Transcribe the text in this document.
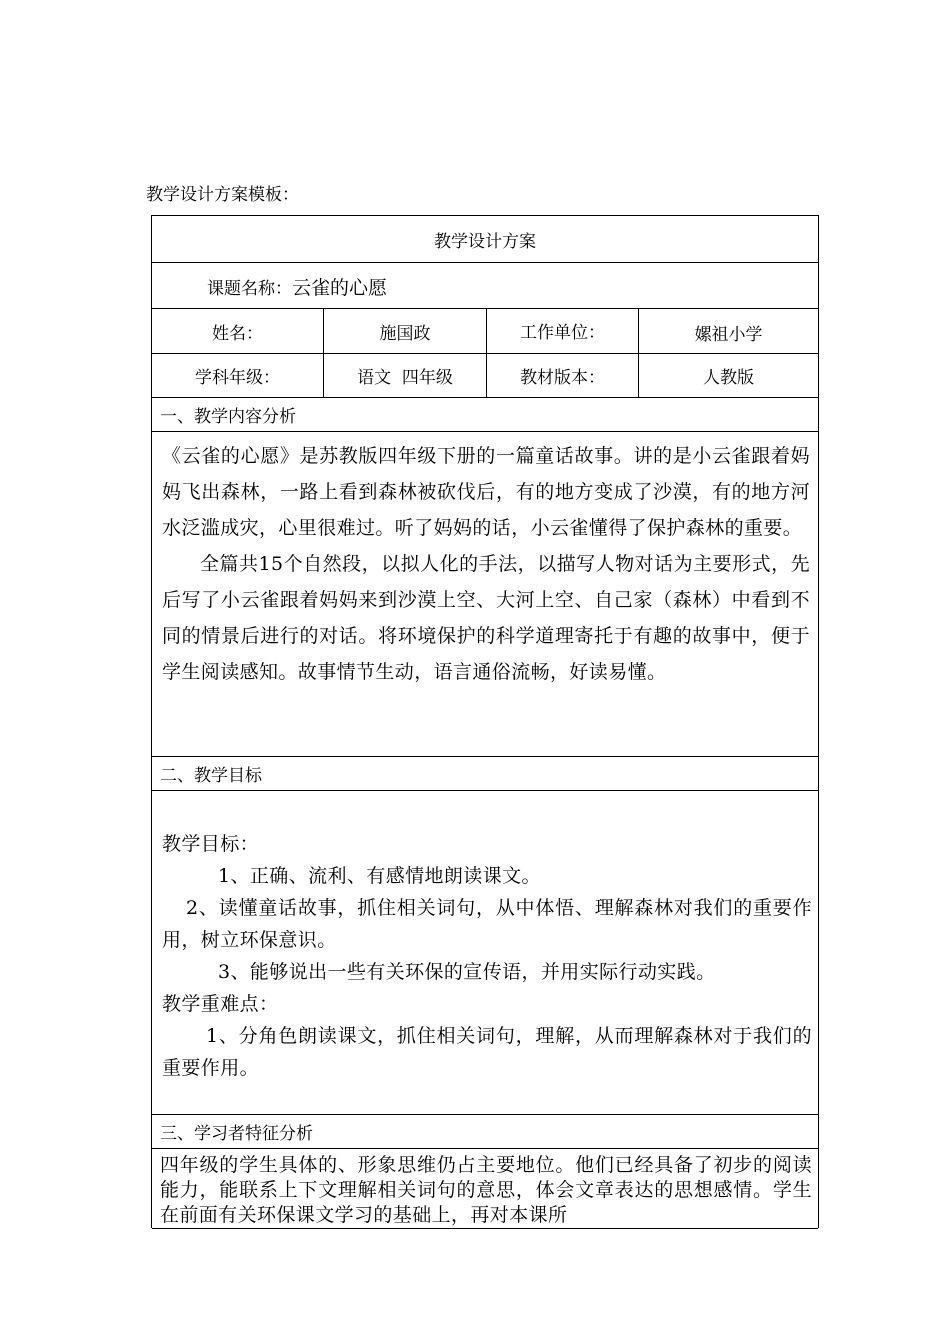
教学设计方案模板：
教学设计方案
课题名称：云雀的心愿
姓名：	施国政	工作单位：	嫘祖小学
学科年级：	语文  四年级	教材版本：	人教版
一、教学内容分析

《云雀的心愿》是苏教版四年级下册的一篇童话故事。讲的是小云雀跟着妈妈飞出森林，一路上看到森林被砍伐后，有的地方变成了沙漠，有的地方河水泛滥成灾，心里很难过。听了妈妈的话，小云雀懂得了保护森林的重要。

全篇共15个自然段，以拟人化的手法，以描写人物对话为主要形式，先后写了小云雀跟着妈妈来到沙漠上空、大河上空、自己家（森林）中看到不同的情景后进行的对话。将环境保护的科学道理寄托于有趣的故事中，便于学生阅读感知。故事情节生动，语言通俗流畅，好读易懂。

二、教学目标

教学目标：

1、正确、流利、有感情地朗读课文。

2、读懂童话故事，抓住相关词句，从中体悟、理解森林对我们的重要作用，树立环保意识。

3、能够说出一些有关环保的宣传语，并用实际行动实践。

教学重难点：

1、分角色朗读课文，抓住相关词句，理解，从而理解森林对于我们的重要作用。

三、学习者特征分析
四年级的学生具体的、形象思维仍占主要地位。他们已经具备了初步的阅读能力，能联系上下文理解相关词句的意思，体会文章表达的思想感情。学生在前面有关环保课文学习的基础上，再对本课所
